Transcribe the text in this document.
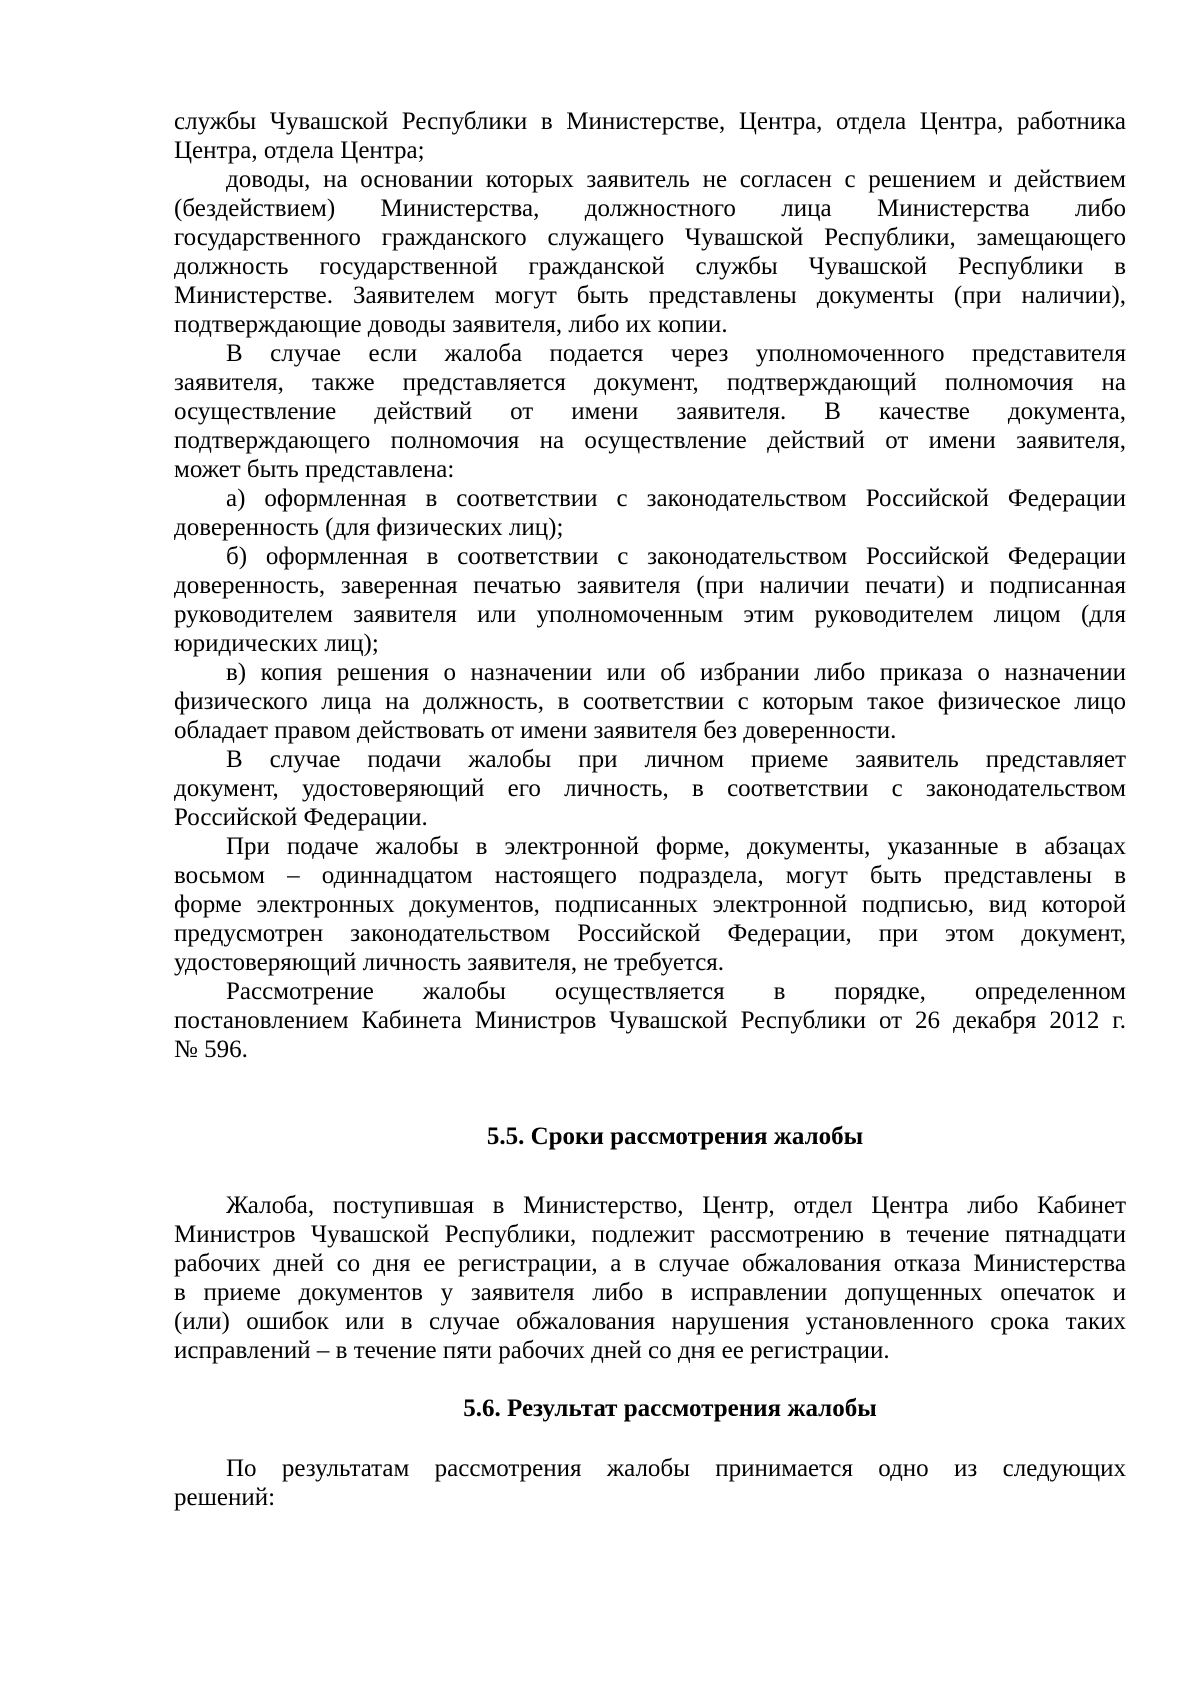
службы Чувашской Республики в Министерстве, Центра, отдела Центра, работника
Центра, отдела Центра;
доводы, на основании которых заявитель не согласен с решением и действием
(бездействием) Министерства, должностного лица Министерства либо
государственного гражданского служащего Чувашской Республики, замещающего
должность государственной гражданской службы Чувашской Республики в
Министерстве. Заявителем могут быть представлены документы (при наличии),
подтверждающие доводы заявителя, либо их копии.
В случае если жалоба подается через уполномоченного представителя
заявителя, также представляется документ, подтверждающий полномочия на
осуществление действий от имени заявителя. В качестве документа,
подтверждающего полномочия на осуществление действий от имени заявителя,
может быть представлена:
а) оформленная в соответствии с законодательством Российской Федерации
доверенность (для физических лиц);
б) оформленная в соответствии с законодательством Российской Федерации
доверенность, заверенная печатью заявителя (при наличии печати) и подписанная
руководителем заявителя или уполномоченным этим руководителем лицом (для
юридических лиц);
в) копия решения о назначении или об избрании либо приказа о назначении
физического лица на должность, в соответствии с которым такое физическое лицо
обладает правом действовать от имени заявителя без доверенности.
В случае подачи жалобы при личном приеме заявитель представляет
документ, удостоверяющий его личность, в соответствии с законодательством
Российской Федерации.
При подаче жалобы в электронной форме, документы, указанные в абзацах
восьмом – одиннадцатом настоящего подраздела, могут быть представлены в
форме электронных документов, подписанных электронной подписью, вид которой
предусмотрен законодательством Российской Федерации, при этом документ,
удостоверяющий личность заявителя, не требуется.
Рассмотрение жалобы осуществляется в порядке, определенном
постановлением Кабинета Министров Чувашской Республики от 26 декабря 2012 г.
№ 596.
5.5. Сроки рассмотрения жалобы
Жалоба, поступившая в Министерство, Центр, отдел Центра либо Кабинет
Министров Чувашской Республики, подлежит рассмотрению в течение пятнадцати
рабочих дней со дня ее регистрации, а в случае обжалования отказа Министерства
в приеме документов у заявителя либо в исправлении допущенных опечаток и
(или) ошибок или в случае обжалования нарушения установленного срока таких
исправлений – в течение пяти рабочих дней со дня ее регистрации.
5.6. Результат рассмотрения жалобы
По результатам рассмотрения жалобы принимается одно из следующих
решений:
